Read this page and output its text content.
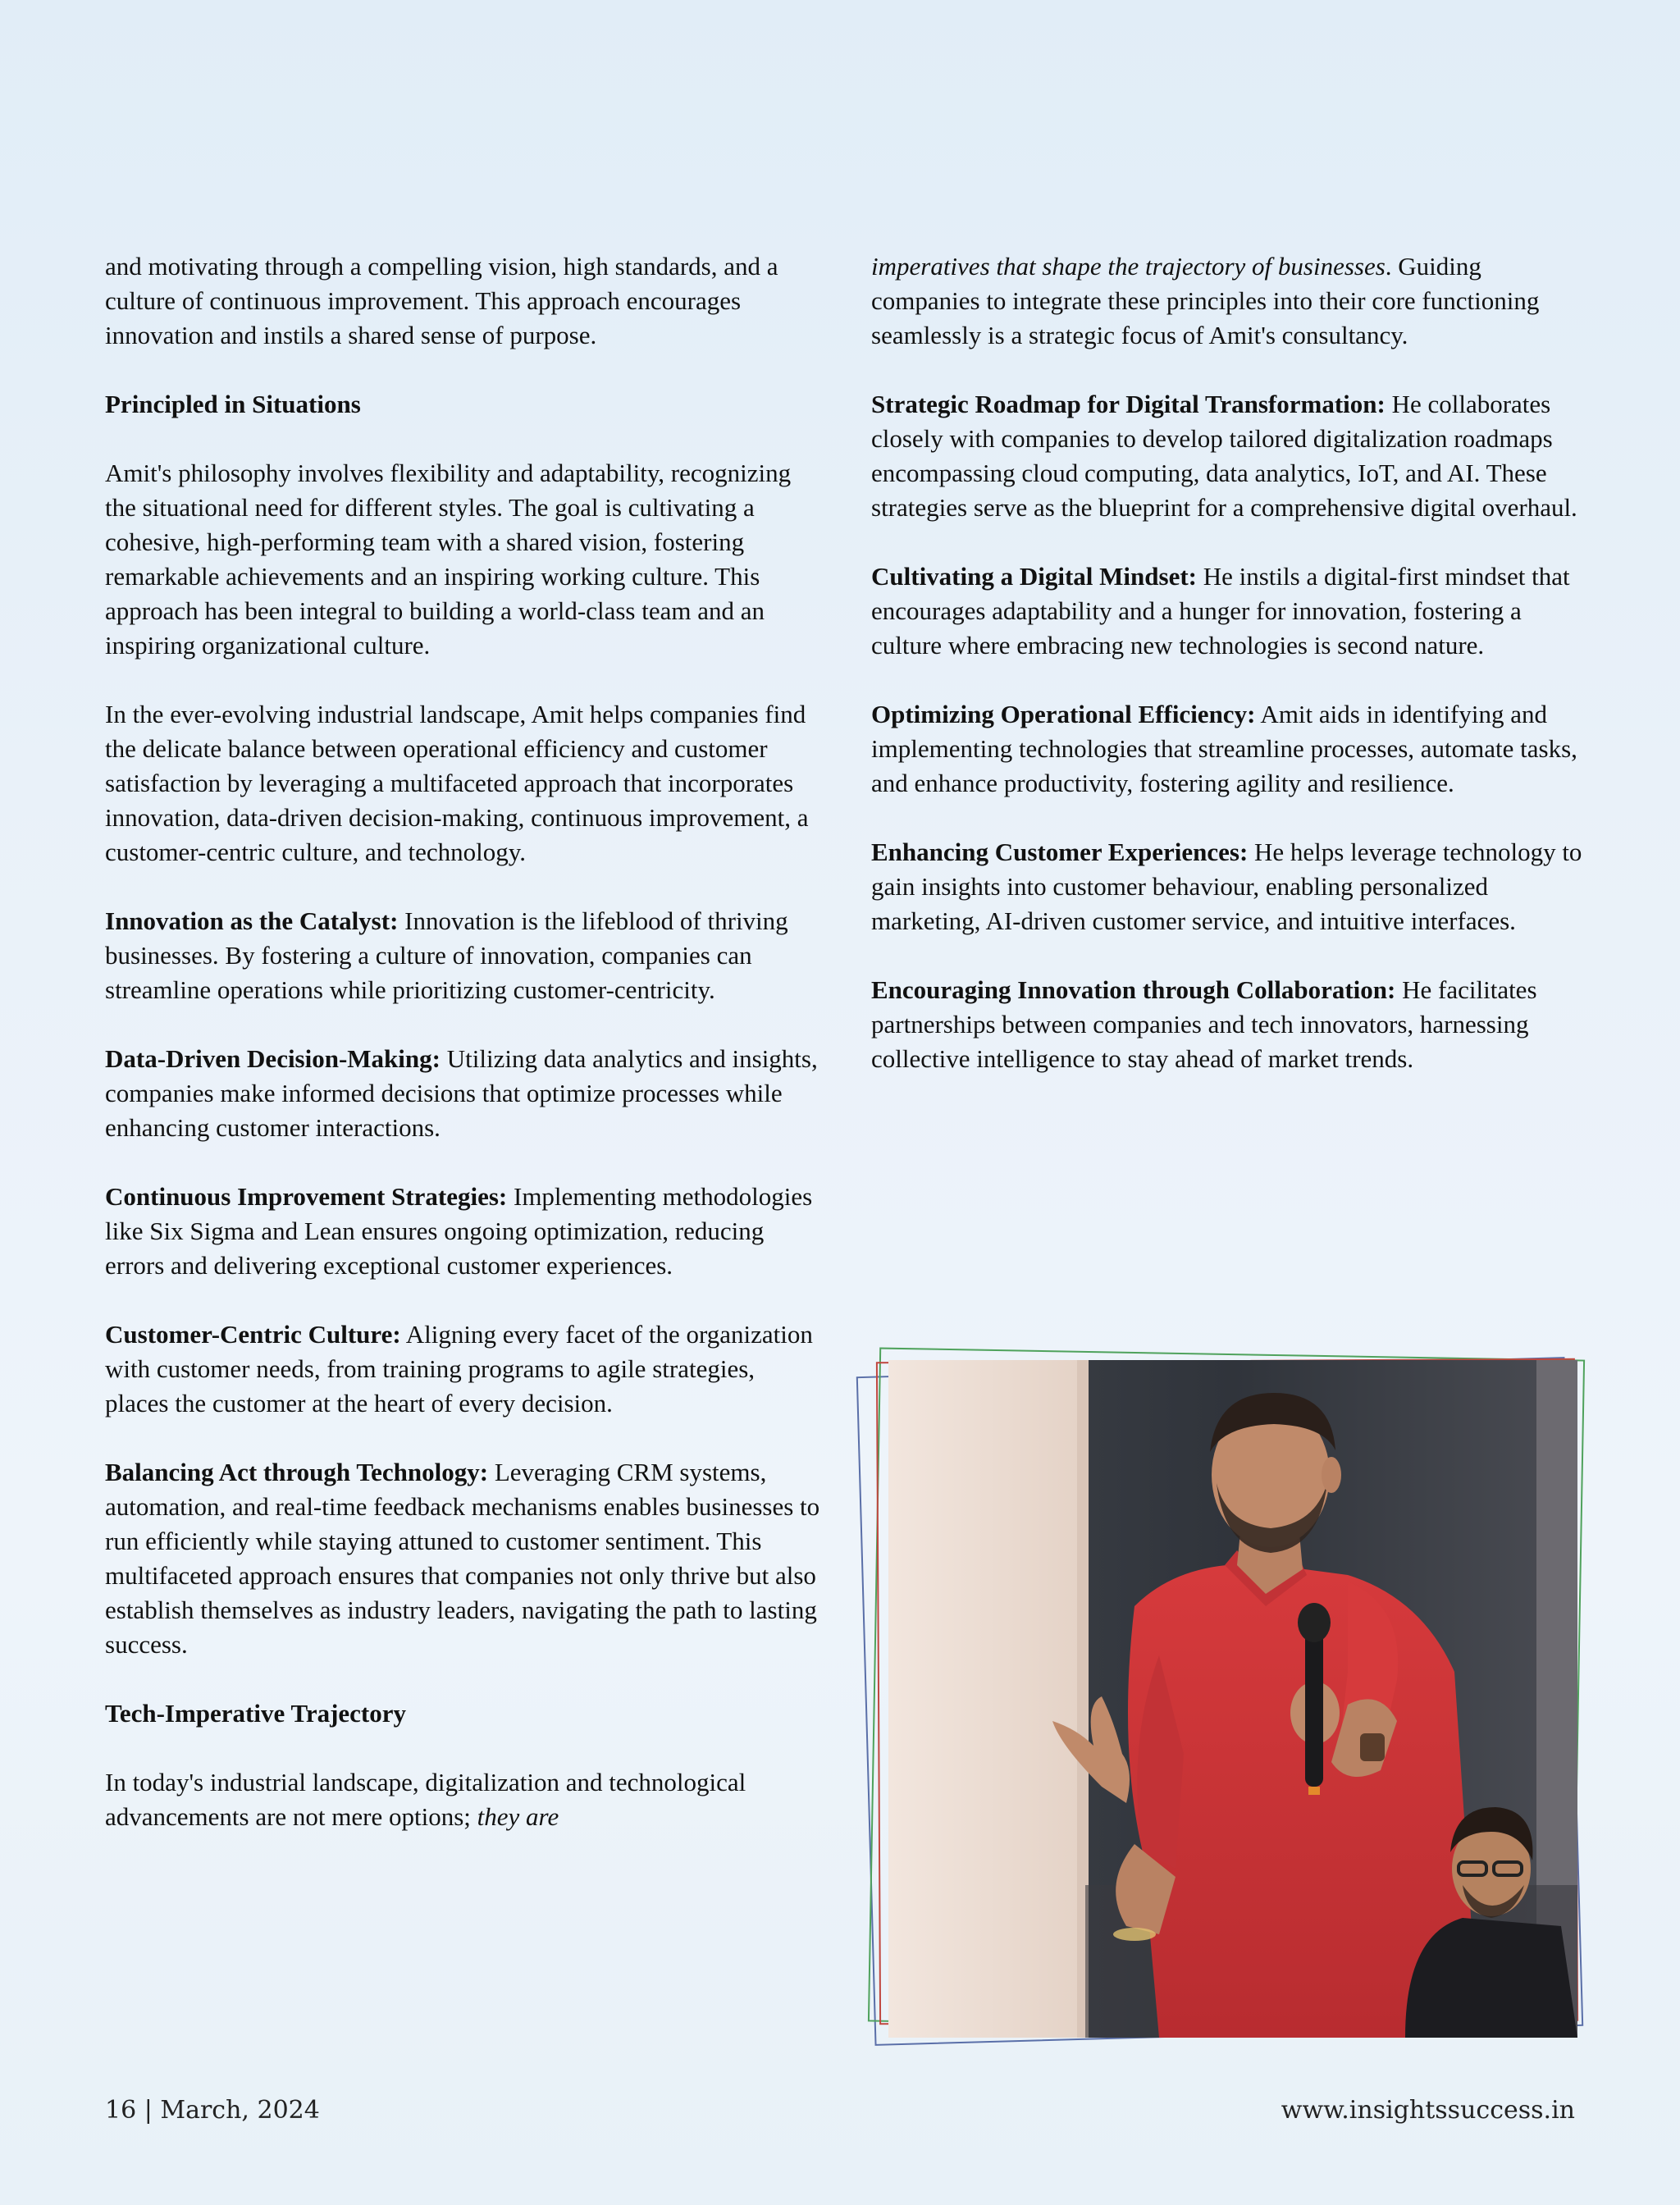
and motivating through a compelling vision, high standards, and a culture of continuous improvement. This approach encourages innovation and instils a shared sense of purpose.

Principled in Situations

Amit's philosophy involves flexibility and adaptability, recognizing the situational need for different styles. The goal is cultivating a cohesive, high-performing team with a shared vision, fostering remarkable achievements and an inspiring working culture. This approach has been integral to building a world-class team and an inspiring organizational culture.

In the ever-evolving industrial landscape, Amit helps companies find the delicate balance between operational efficiency and customer satisfaction by leveraging a multifaceted approach that incorporates innovation, data-driven decision-making, continuous improvement, a customer-centric culture, and technology.

Innovation as the Catalyst: Innovation is the lifeblood of thriving businesses. By fostering a culture of innovation, companies can streamline operations while prioritizing customer-centricity.

Data-Driven Decision-Making: Utilizing data analytics and insights, companies make informed decisions that optimize processes while enhancing customer interactions.

Continuous Improvement Strategies: Implementing methodologies like Six Sigma and Lean ensures ongoing optimization, reducing errors and delivering exceptional customer experiences.

Customer-Centric Culture: Aligning every facet of the organization with customer needs, from training programs to agile strategies, places the customer at the heart of every decision.

Balancing Act through Technology: Leveraging CRM systems, automation, and real-time feedback mechanisms enables businesses to run efficiently while staying attuned to customer sentiment. This multifaceted approach ensures that companies not only thrive but also establish themselves as industry leaders, navigating the path to lasting success.

Tech-Imperative Trajectory

In today's industrial landscape, digitalization and technological advancements are not mere options; they are

imperatives that shape the trajectory of businesses. Guiding companies to integrate these principles into their core functioning seamlessly is a strategic focus of Amit's consultancy.

Strategic Roadmap for Digital Transformation: He collaborates closely with companies to develop tailored digitalization roadmaps encompassing cloud computing, data analytics, IoT, and AI. These strategies serve as the blueprint for a comprehensive digital overhaul.

Cultivating a Digital Mindset: He instils a digital-first mindset that encourages adaptability and a hunger for innovation, fostering a culture where embracing new technologies is second nature.

Optimizing Operational Efficiency: Amit aids in identifying and implementing technologies that streamline processes, automate tasks, and enhance productivity, fostering agility and resilience.

Enhancing Customer Experiences: He helps leverage technology to gain insights into customer behaviour, enabling personalized marketing, AI-driven customer service, and intuitive interfaces.

Encouraging Innovation through Collaboration: He facilitates partnerships between companies and tech innovators, harnessing collective intelligence to stay ahead of market trends.

16 | March, 2024	www.insightssuccess.in
